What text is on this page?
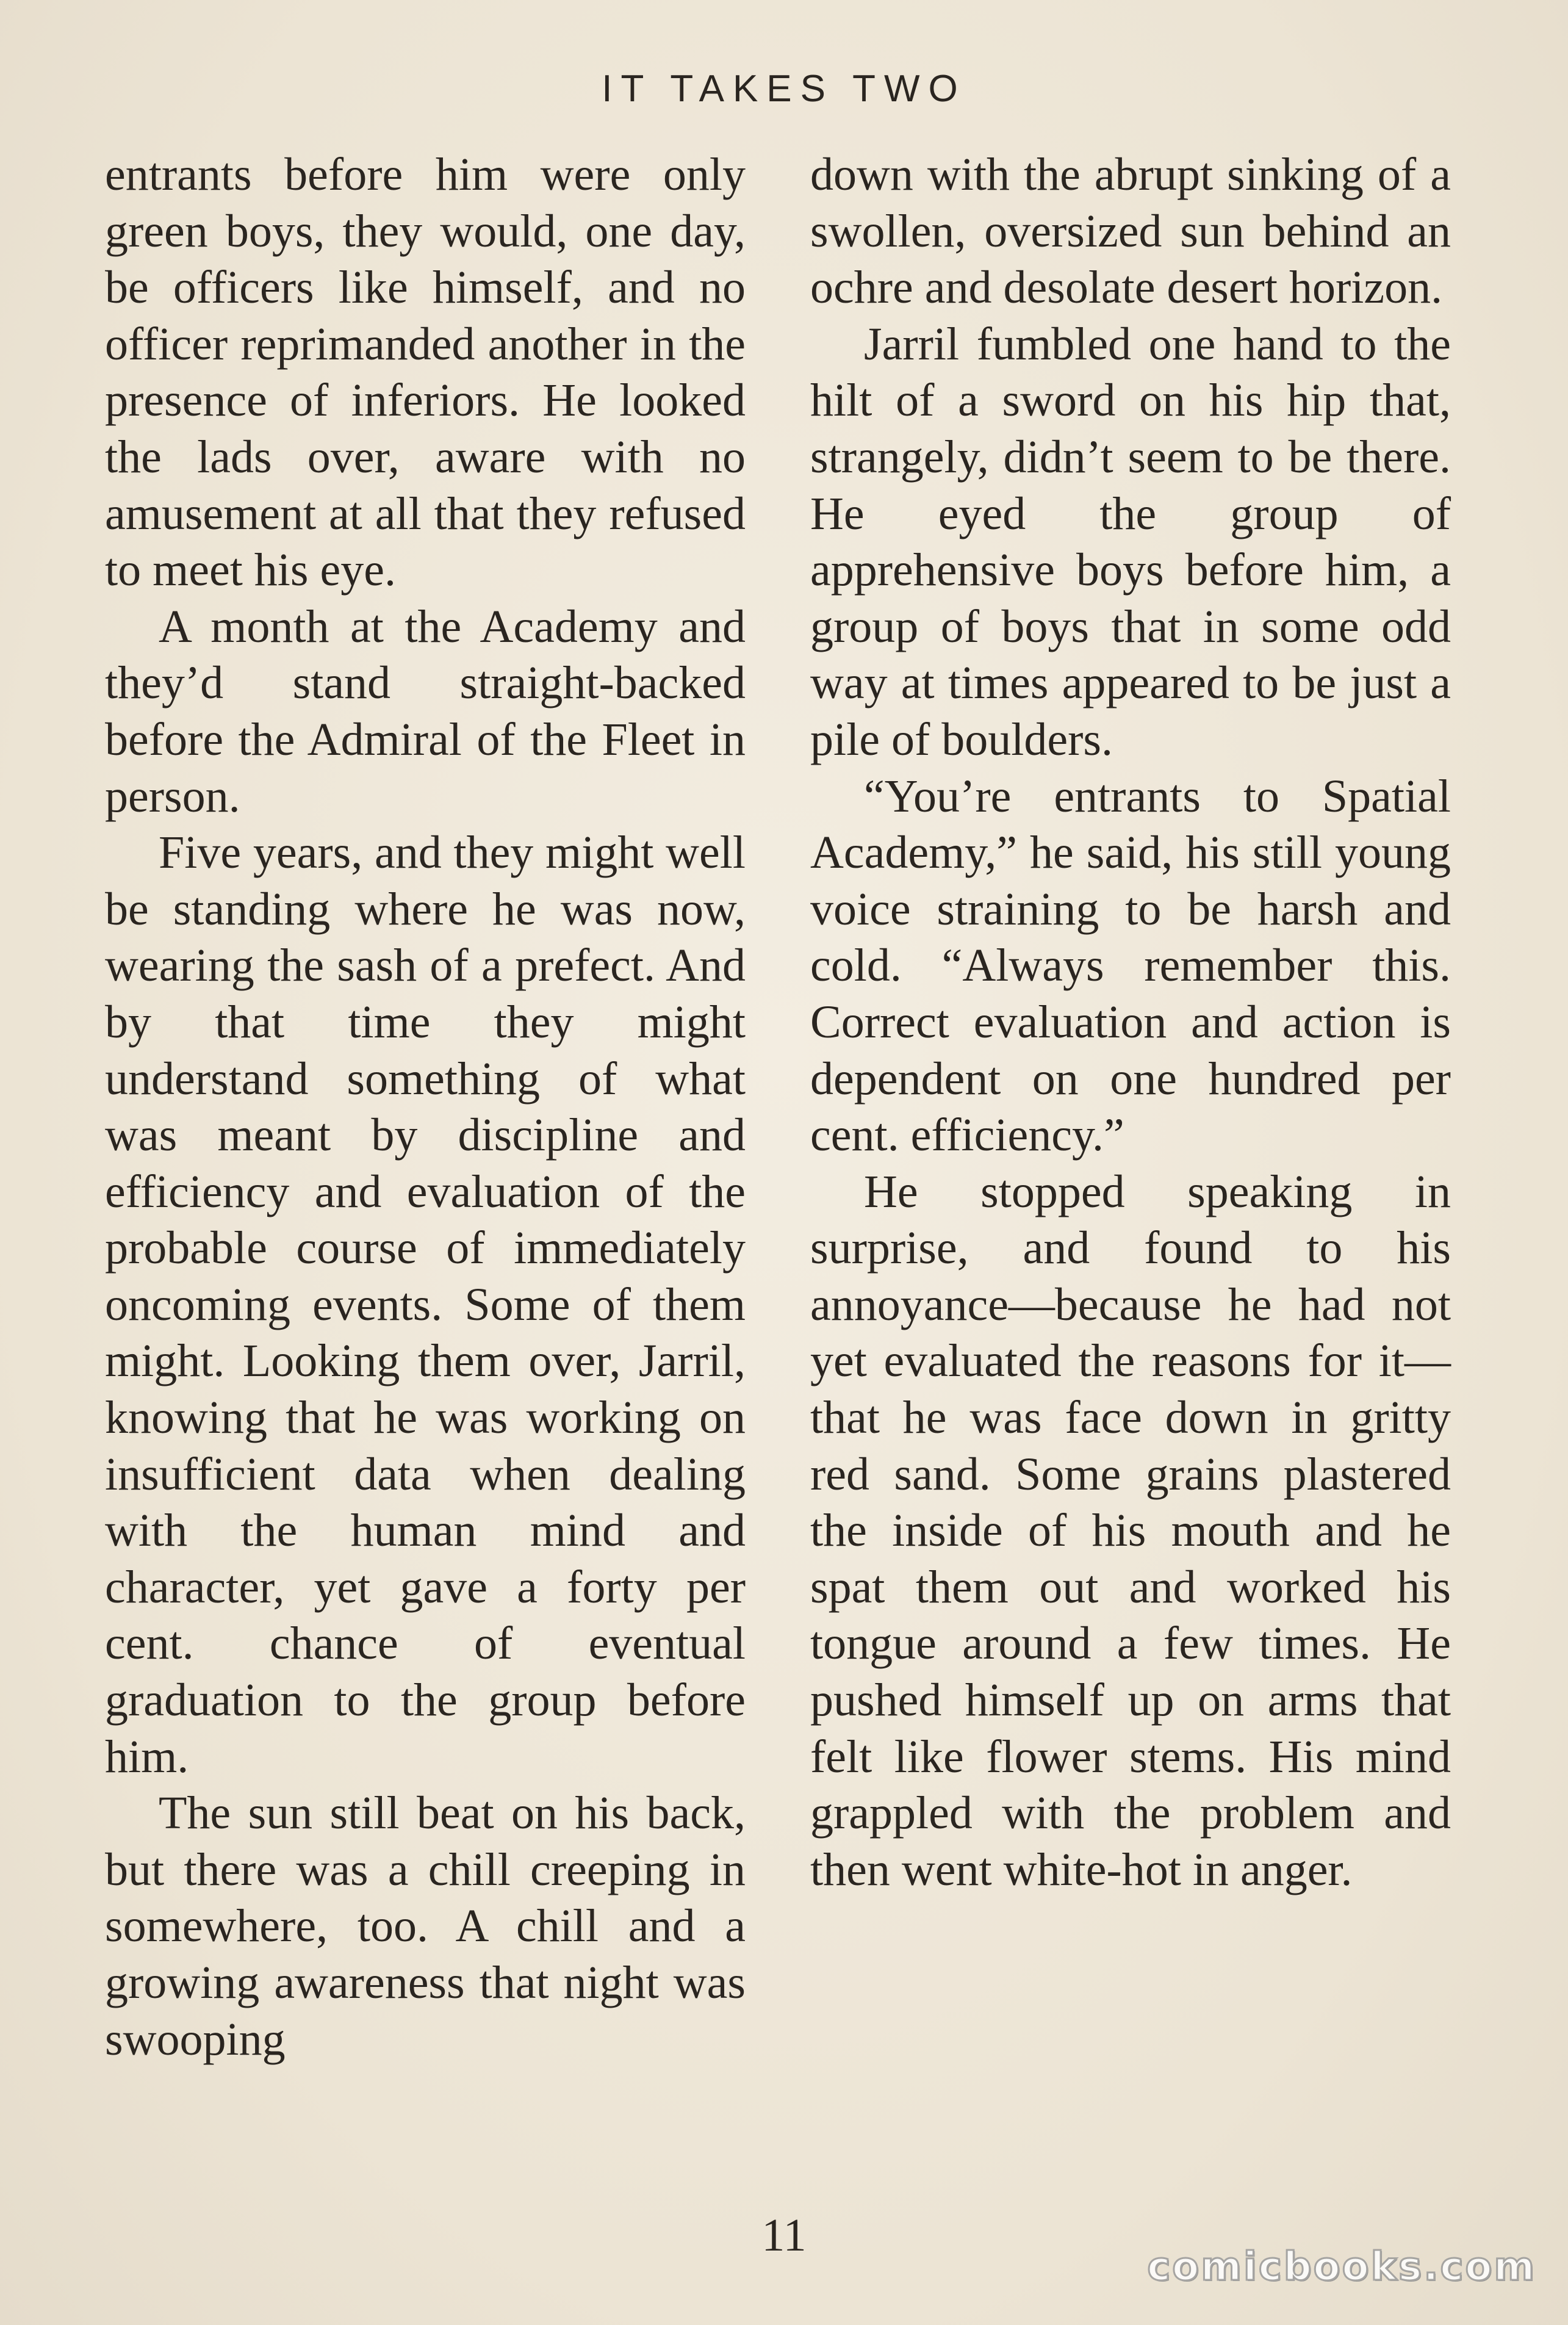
IT TAKES TWO

entrants before him were only green boys, they would, one day, be officers like himself, and no officer reprimanded another in the presence of inferiors. He looked the lads over, aware with no amusement at all that they refused to meet his eye.

A month at the Academy and they’d stand straight-backed before the Admiral of the Fleet in person.

Five years, and they might well be standing where he was now, wearing the sash of a prefect. And by that time they might understand something of what was meant by discipline and efficiency and evaluation of the probable course of immediately oncoming events. Some of them might. Looking them over, Jarril, knowing that he was working on insufficient data when dealing with the human mind and character, yet gave a forty per cent. chance of eventual graduation to the group before him.

The sun still beat on his back, but there was a chill creeping in somewhere, too. A chill and a growing awareness that night was swooping

down with the abrupt sinking of a swollen, oversized sun behind an ochre and desolate desert horizon.

Jarril fumbled one hand to the hilt of a sword on his hip that, strangely, didn’t seem to be there. He eyed the group of apprehensive boys before him, a group of boys that in some odd way at times appeared to be just a pile of boulders.

“You’re entrants to Spatial Academy,” he said, his still young voice straining to be harsh and cold. “Always remember this. Correct evaluation and action is dependent on one hundred per cent. efficiency.”

He stopped speaking in surprise, and found to his annoyance—because he had not yet evaluated the reasons for it—that he was face down in gritty red sand. Some grains plastered the inside of his mouth and he spat them out and worked his tongue around a few times. He pushed himself up on arms that felt like flower stems. His mind grappled with the problem and then went white-hot in anger.

11
comicbooks.com
